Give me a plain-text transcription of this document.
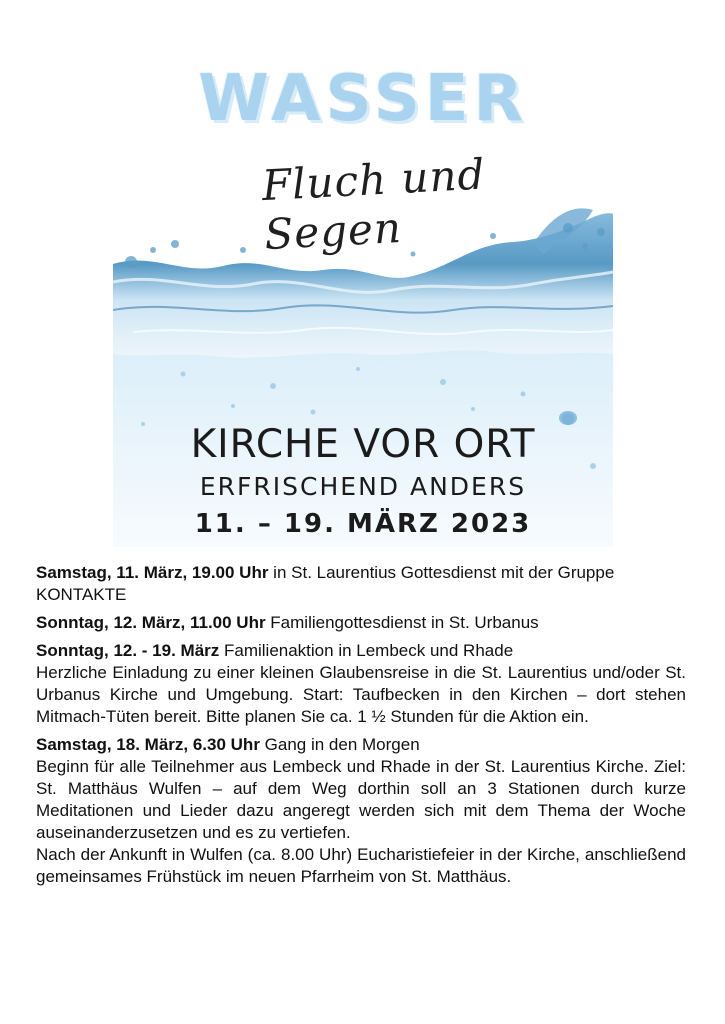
WASSER
Fluch und Segen
KIRCHE VOR ORT
ERFRISCHEND ANDERS
11. – 19. MÄRZ 2023

Samstag, 11. März, 19.00 Uhr in St. Laurentius Gottesdienst mit der Gruppe KONTAKTE

Sonntag, 12. März, 11.00 Uhr Familiengottesdienst in St. Urbanus

Sonntag, 12. - 19. März Familienaktion in Lembeck und Rhade

Herzliche Einladung zu einer kleinen Glaubensreise in die St. Laurentius und/oder St. Urbanus Kirche und Umgebung. Start: Taufbecken in den Kirchen – dort stehen Mitmach-Tüten bereit. Bitte planen Sie ca. 1 ½ Stunden für die Aktion ein.

Samstag, 18. März, 6.30 Uhr Gang in den Morgen

Beginn für alle Teilnehmer aus Lembeck und Rhade in der St. Laurentius Kirche. Ziel: St. Matthäus Wulfen – auf dem Weg dorthin soll an 3 Stationen durch kurze Meditationen und Lieder dazu angeregt werden sich mit dem Thema der Woche auseinanderzusetzen und es zu vertiefen.

Nach der Ankunft in Wulfen (ca. 8.00 Uhr) Eucharistiefeier in der Kirche, anschließend gemeinsames Frühstück im neuen Pfarrheim von St. Matthäus.
